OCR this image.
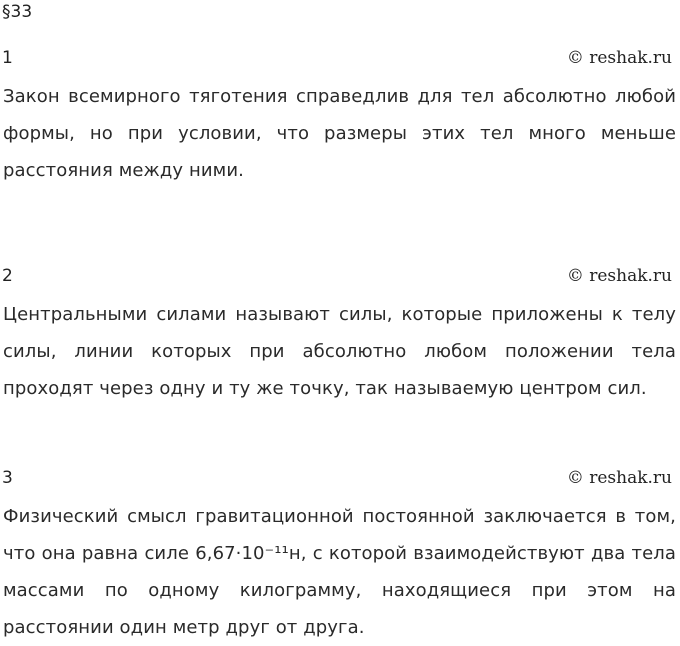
§33
1	© reshak.ru

Закон всемирного тяготения справедлив для тел абсолютно любой формы, но при условии, что размеры этих тел много меньше расстояния между ними.

2	© reshak.ru

Центральными силами называют силы, которые приложены к телу силы, линии которых при абсолютно любом положении тела проходят через одну и ту же точку, так называемую центром сил.

3	© reshak.ru

Физический смысл гравитационной постоянной заключается в том, что она равна силе 6,67·10⁻¹¹н, с которой взаимодействуют два тела массами по одному килограмму, находящиеся при этом на расстоянии один метр друг от друга.
